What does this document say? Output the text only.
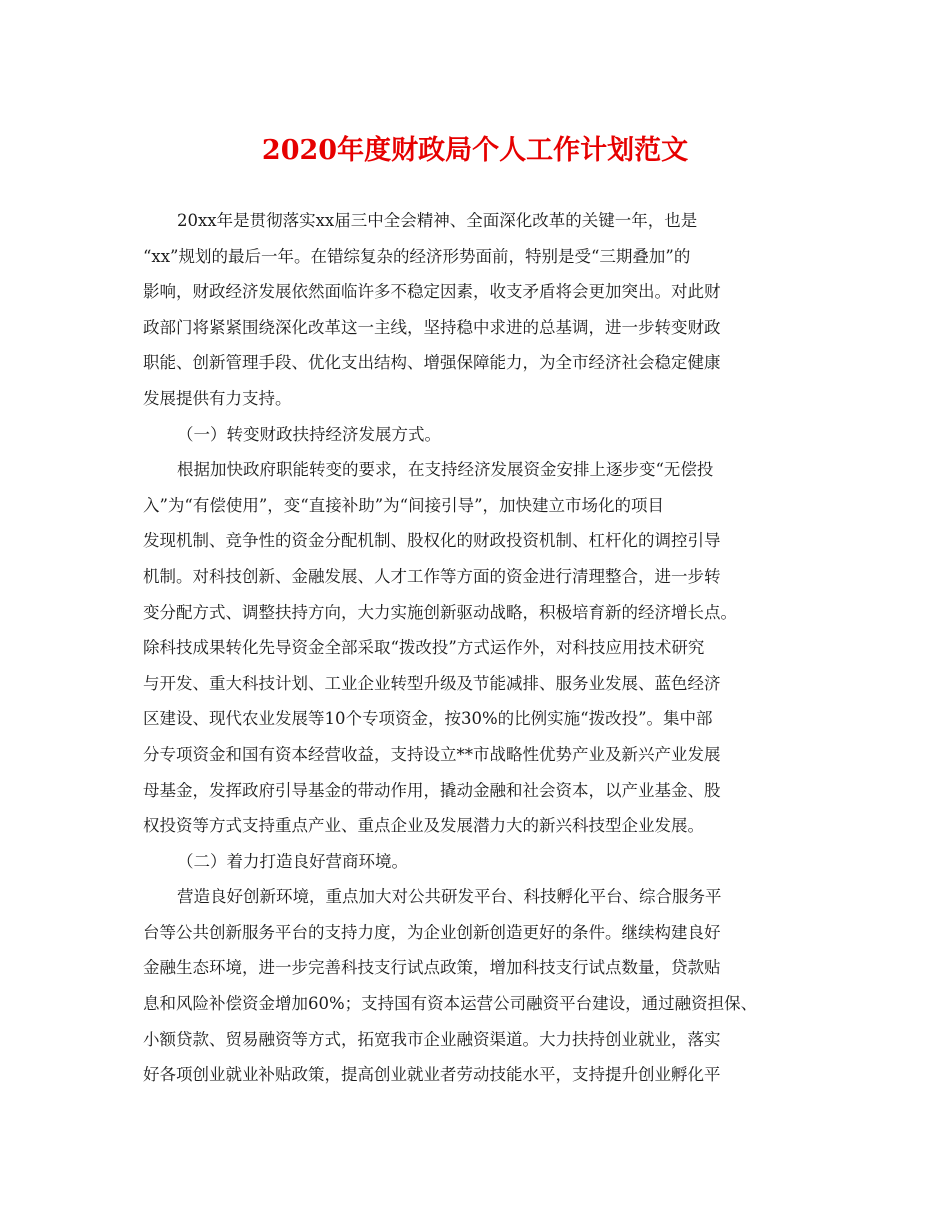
2020年度财政局个人工作计划范文
20xx年是贯彻落实xx届三中全会精神、全面深化改革的关键一年，也是
“xx”规划的最后一年。在错综复杂的经济形势面前，特别是受“三期叠加”的
影响，财政经济发展依然面临许多不稳定因素，收支矛盾将会更加突出。对此财
政部门将紧紧围绕深化改革这一主线，坚持稳中求进的总基调，进一步转变财政
职能、创新管理手段、优化支出结构、增强保障能力，为全市经济社会稳定健康
发展提供有力支持。
（一）转变财政扶持经济发展方式。
根据加快政府职能转变的要求，在支持经济发展资金安排上逐步变“无偿投
入”为“有偿使用”，变“直接补助”为“间接引导”，加快建立市场化的项目
发现机制、竞争性的资金分配机制、股权化的财政投资机制、杠杆化的调控引导
机制。对科技创新、金融发展、人才工作等方面的资金进行清理整合，进一步转
变分配方式、调整扶持方向，大力实施创新驱动战略，积极培育新的经济增长点。
除科技成果转化先导资金全部采取“拨改投”方式运作外，对科技应用技术研究
与开发、重大科技计划、工业企业转型升级及节能减排、服务业发展、蓝色经济
区建设、现代农业发展等10个专项资金，按30%的比例实施“拨改投”。集中部
分专项资金和国有资本经营收益，支持设立**市战略性优势产业及新兴产业发展
母基金，发挥政府引导基金的带动作用，撬动金融和社会资本，以产业基金、股
权投资等方式支持重点产业、重点企业及发展潜力大的新兴科技型企业发展。
（二）着力打造良好营商环境。
营造良好创新环境，重点加大对公共研发平台、科技孵化平台、综合服务平
台等公共创新服务平台的支持力度，为企业创新创造更好的条件。继续构建良好
金融生态环境，进一步完善科技支行试点政策，增加科技支行试点数量，贷款贴
息和风险补偿资金增加60%；支持国有资本运营公司融资平台建设，通过融资担保、
小额贷款、贸易融资等方式，拓宽我市企业融资渠道。大力扶持创业就业，落实
好各项创业就业补贴政策，提高创业就业者劳动技能水平，支持提升创业孵化平
